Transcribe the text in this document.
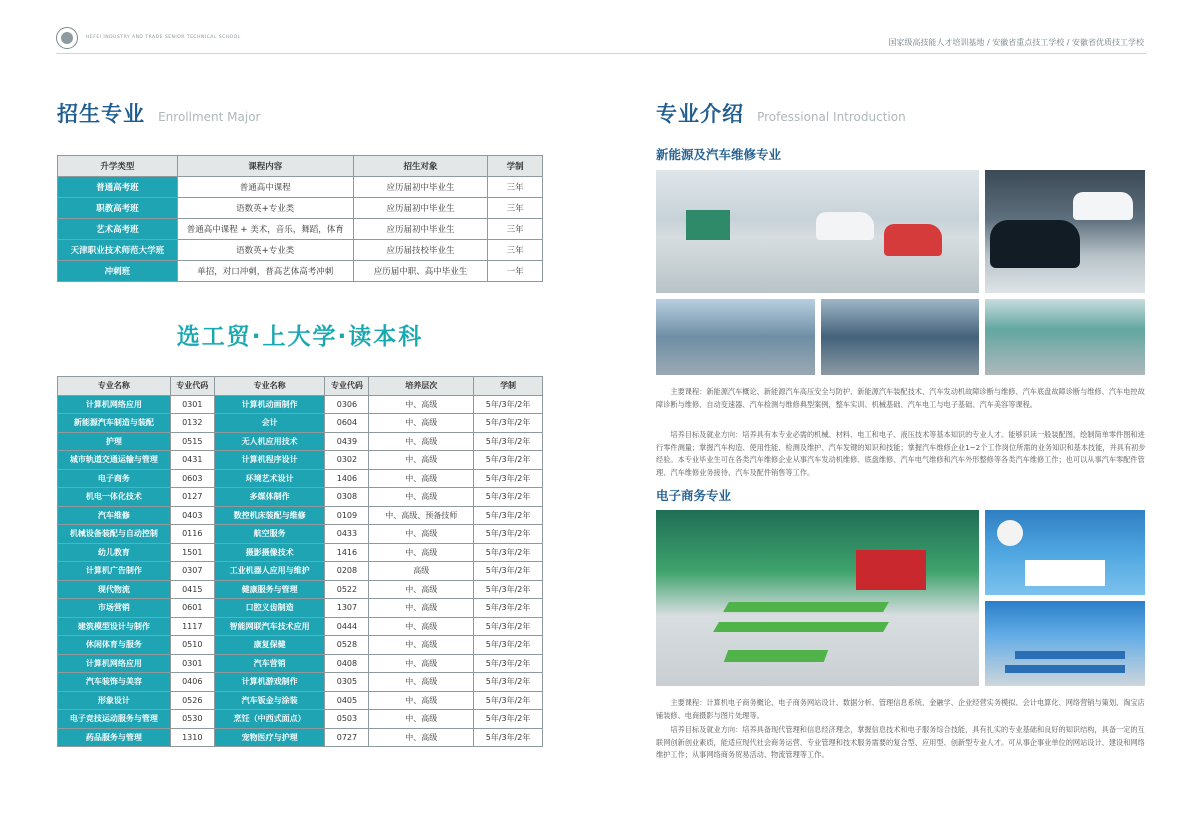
HEFEI INDUSTRY AND TRADE SENIOR TECHNICAL SCHOOL
国家级高技能人才培训基地 / 安徽省重点技工学校 / 安徽省优质技工学校
招生专业 Enrollment Major
升学类型	课程内容	招生对象	学制
普通高考班	普通高中课程	应历届初中毕业生	三年
职教高考班	语数英+专业类	应历届初中毕业生	三年
艺术高考班	普通高中课程 + 美术，音乐，舞蹈，体育	应历届初中毕业生	三年
天津职业技术师范大学班	语数英+专业类	应历届技校毕业生	三年
冲刺班	单招，对口冲刺，普高艺体高考冲刺	应历届中职、高中毕业生	一年
选工贸·上大学·读本科
专业名称	专业代码	专业名称	专业代码	培养层次	学制
计算机网络应用	0301	计算机动画制作	0306	中、高级	5年/3年/2年
新能源汽车制造与装配	0132	会计	0604	中、高级	5年/3年/2年
护理	0515	无人机应用技术	0439	中、高级	5年/3年/2年
城市轨道交通运输与管理	0431	计算机程序设计	0302	中、高级	5年/3年/2年
电子商务	0603	环境艺术设计	1406	中、高级	5年/3年/2年
机电一体化技术	0127	多媒体制作	0308	中、高级	5年/3年/2年
汽车维修	0403	数控机床装配与维修	0109	中、高级、预备技师	5年/3年/2年
机械设备装配与自动控制	0116	航空服务	0433	中、高级	5年/3年/2年
幼儿教育	1501	摄影摄像技术	1416	中、高级	5年/3年/2年
计算机广告制作	0307	工业机器人应用与维护	0208	高级	5年/3年/2年
现代物流	0415	健康服务与管理	0522	中、高级	5年/3年/2年
市场营销	0601	口腔义齿制造	1307	中、高级	5年/3年/2年
建筑模型设计与制作	1117	智能网联汽车技术应用	0444	中、高级	5年/3年/2年
休闲体育与服务	0510	康复保健	0528	中、高级	5年/3年/2年
计算机网络应用	0301	汽车营销	0408	中、高级	5年/3年/2年
汽车装饰与美容	0406	计算机游戏制作	0305	中、高级	5年/3年/2年
形象设计	0526	汽车钣金与涂装	0405	中、高级	5年/3年/2年
电子竞技运动服务与管理	0530	烹饪（中西式面点）	0503	中、高级	5年/3年/2年
药品服务与管理	1310	宠物医疗与护理	0727	中、高级	5年/3年/2年
专业介绍 Professional Introduction
新能源及汽车维修专业
主要课程：新能源汽车概论、新能源汽车高压安全与防护、新能源汽车装配技术、汽车发动机故障诊断与维修、汽车底盘故障诊断与维修、汽车电控故障诊断与维修、自动变速器、汽车检测与维修典型案例，整车实训、机械基础、汽车电工与电子基础、汽车美容等课程。
培养目标及就业方向：培养具有本专业必需的机械、材料、电工和电子、液压技术等基本知识的专业人才。能够识读一般装配图，绘制简单零件图和进行零件测量；掌握汽车构造、使用性能、检测及维护、汽车发键的知识和技能；掌握汽车维修企业1~2个工作岗位所需的业务知识和基本技能，并具有初步经验。本专业毕业生可在各类汽车维修企业从事汽车发动机维修、底盘维修、汽车电气维修和汽车外形整修等各类汽车维修工作；也可以从事汽车零配件管理、汽车维修业务接待、汽车及配件销售等工作。
电子商务专业
主要课程：计算机电子商务概论、电子商务网站设计、数据分析、管理信息系统、金融学、企业经营实务模拟、会计电算化、网络营销与策划、淘宝店铺装修、电商摄影与图片处理等。
培养目标及就业方向：培养具备现代管理和信息经济理念，掌握信息技术和电子服务综合技能，具有扎实的专业基础和良好的知识结构，具备一定的互联网创新创业素质，能适应现代社会商务运营、专业管理和技术服务需要的复合型、应用型、创新型专业人才。可从事企事业单位的网站设计、建设和网络维护工作；从事网络商务贸易活动、物流管理等工作。
